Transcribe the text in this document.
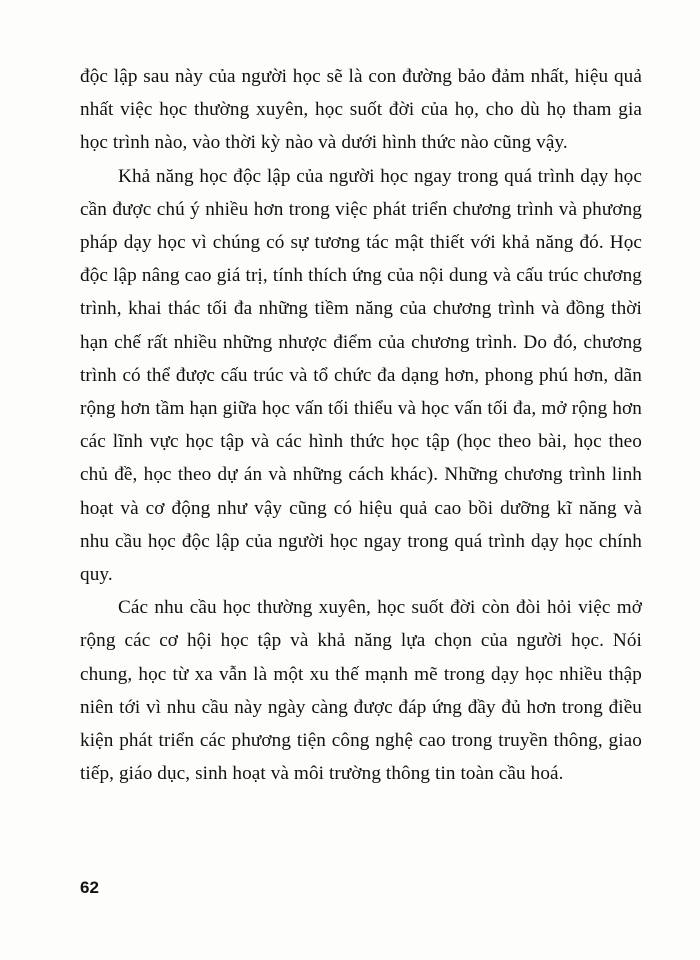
độc lập sau này của người học sẽ là con đường bảo đảm nhất, hiệu quả nhất việc học thường xuyên, học suốt đời của họ, cho dù họ tham gia học trình nào, vào thời kỳ nào và dưới hình thức nào cũng vậy.

Khả năng học độc lập của người học ngay trong quá trình dạy học cần được chú ý nhiều hơn trong việc phát triển chương trình và phương pháp dạy học vì chúng có sự tương tác mật thiết với khả năng đó. Học độc lập nâng cao giá trị, tính thích ứng của nội dung và cấu trúc chương trình, khai thác tối đa những tiềm năng của chương trình và đồng thời hạn chế rất nhiều những nhược điểm của chương trình. Do đó, chương trình có thể được cấu trúc và tổ chức đa dạng hơn, phong phú hơn, dãn rộng hơn tầm hạn giữa học vấn tối thiểu và học vấn tối đa, mở rộng hơn các lĩnh vực học tập và các hình thức học tập (học theo bài, học theo chủ đề, học theo dự án và những cách khác). Những chương trình linh hoạt và cơ động như vậy cũng có hiệu quả cao bồi dưỡng kĩ năng và nhu cầu học độc lập của người học ngay trong quá trình dạy học chính quy.

Các nhu cầu học thường xuyên, học suốt đời còn đòi hỏi việc mở rộng các cơ hội học tập và khả năng lựa chọn của người học. Nói chung, học từ xa vẫn là một xu thế mạnh mẽ trong dạy học nhiều thập niên tới vì nhu cầu này ngày càng được đáp ứng đầy đủ hơn trong điều kiện phát triển các phương tiện công nghệ cao trong truyền thông, giao tiếp, giáo dục, sinh hoạt và môi trường thông tin toàn cầu hoá.

62
